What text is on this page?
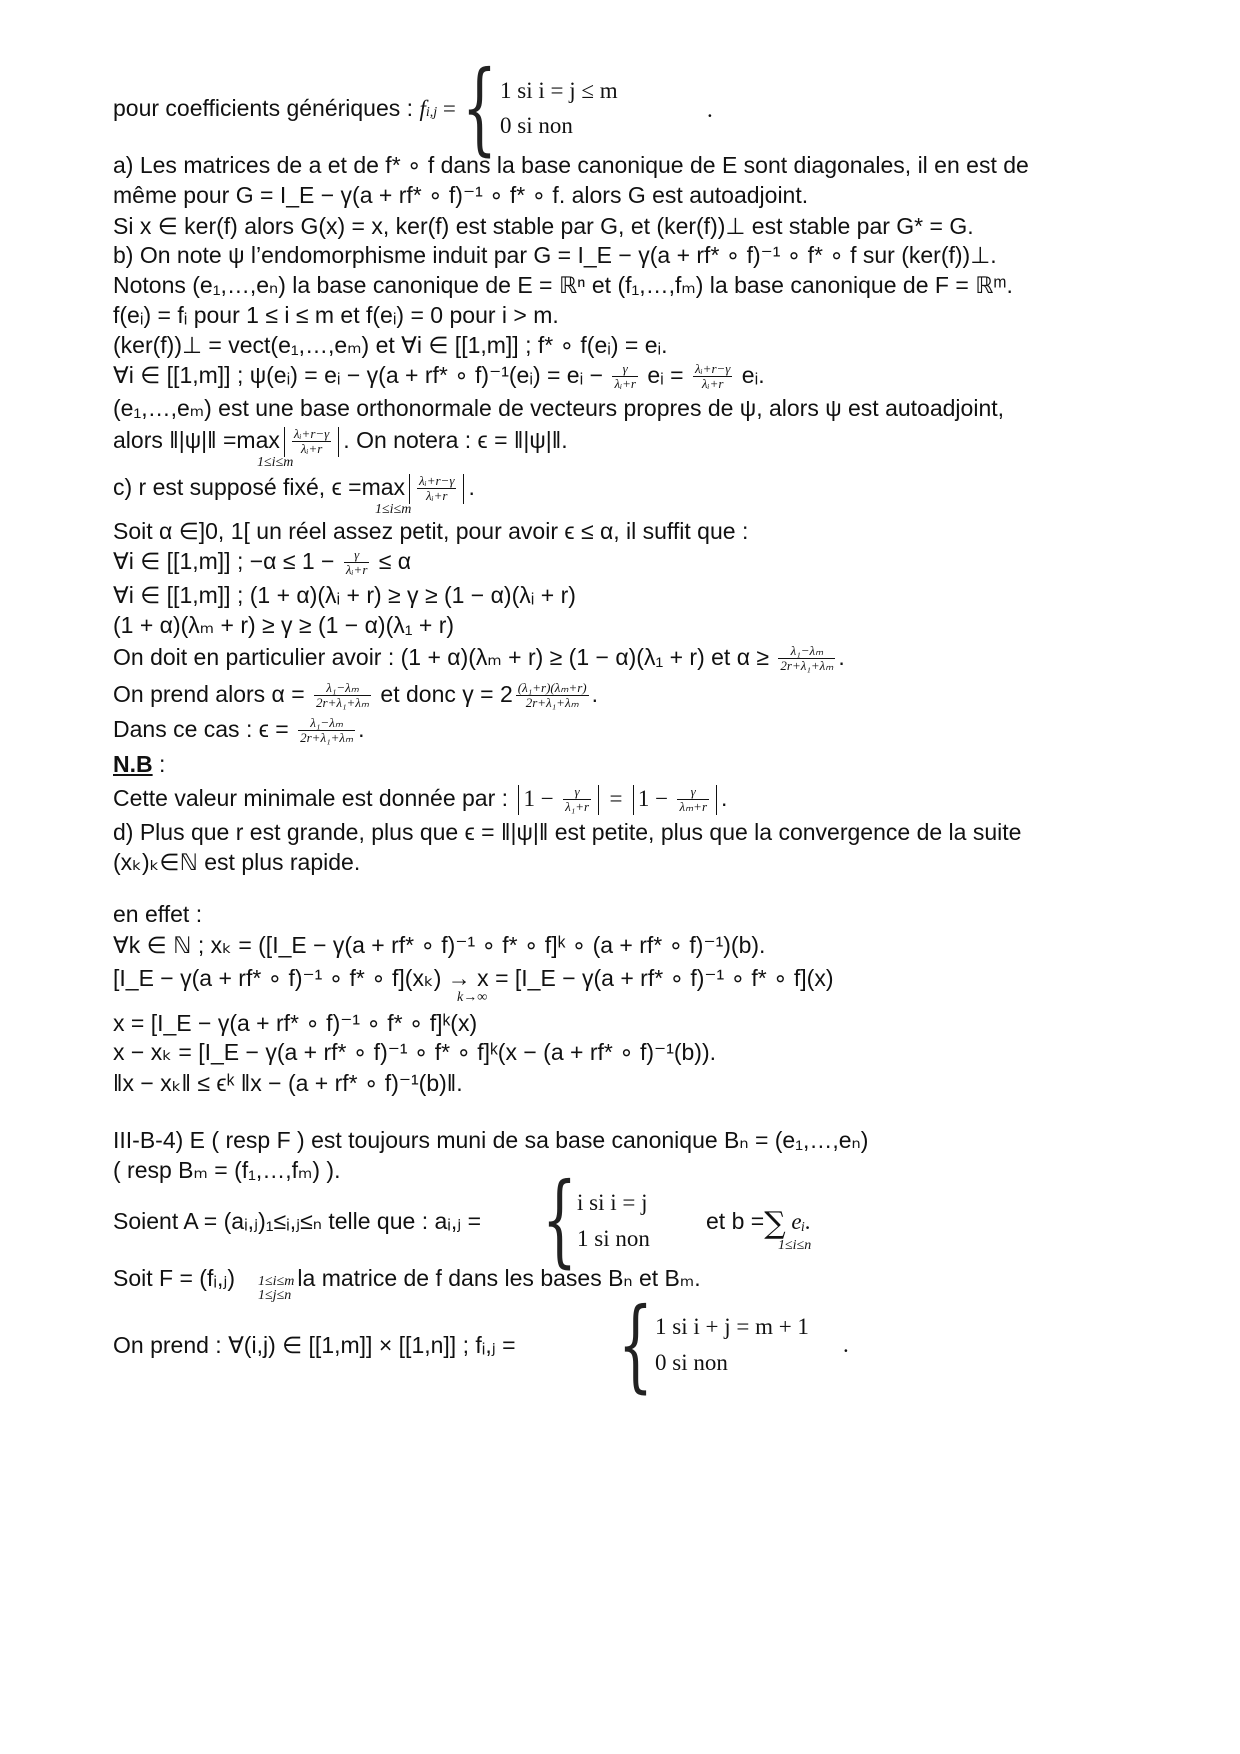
pour coefficients génériques : fi,j = { 1 si i = j ≤ m
0 si non
.
a) Les matrices de a et de f* ∘ f dans la base canonique de E sont diagonales, il en est de
même pour G = I_E − γ(a + rf* ∘ f)⁻¹ ∘ f* ∘ f. alors G est autoadjoint.
Si x ∈ ker(f) alors G(x) = x, ker(f) est stable par G, et (ker(f))⊥ est stable par G* = G.
b) On note ψ l’endomorphisme induit par G = I_E − γ(a + rf* ∘ f)⁻¹ ∘ f* ∘ f sur (ker(f))⊥.
Notons (e₁,…,eₙ) la base canonique de E = ℝⁿ et (f₁,…,fₘ) la base canonique de F = ℝᵐ.
f(eᵢ) = fᵢ pour 1 ≤ i ≤ m et f(eᵢ) = 0 pour i > m.
(ker(f))⊥ = vect(e₁,…,eₘ) et ∀i ∈ [[1,m]] ; f* ∘ f(eᵢ) = eᵢ.
∀i ∈ [[1,m]] ; ψ(eᵢ) = eᵢ − γ(a + rf* ∘ f)⁻¹(eᵢ) = eᵢ − $\frac{\gamma}{\text{λᵢ+r}}$ eᵢ = $\frac{\text{λᵢ+r−γ}}{\text{λᵢ+r}}$ eᵢ.
(e₁,…,eₘ) est une base orthonormale de vecteurs propres de ψ, alors ψ est autoadjoint,
alors ‖|ψ|‖ $=\max \frac{\text{λᵢ+r−γ}}{\text{λᵢ+r}}$ . On notera : ϵ = ‖|ψ|‖.
1≤i≤m
c) r est supposé fixé, $\epsilon =\max \frac{\text{λᵢ+r−γ}}{\text{λᵢ+r}}$ .
1≤i≤m
Soit α ∈]0, 1[ un réel assez petit, pour avoir ϵ ≤ α, il suffit que :
∀i ∈ [[1,m]] ; $-\alpha \le 1 - \frac{\gamma}{\text{λᵢ+r}} \le \alpha$
∀i ∈ [[1,m]] ; (1 + α)(λᵢ + r) ≥ γ ≥ (1 − α)(λᵢ + r)
(1 + α)(λₘ + r) ≥ γ ≥ (1 − α)(λ₁ + r)
On doit en particulier avoir : (1 + α)(λₘ + r) ≥ (1 − α)(λ₁ + r) et $\alpha \ge \frac{\text{λ₁−λₘ}}{\text{2r+λ₁+λₘ}}$ .
On prend alors $\alpha = \frac{\text{λ₁−λₘ}}{\text{2r+λ₁+λₘ}}$ et donc $\gamma = 2 \frac{\text{(λ₁+r)(λₘ+r)}}{\text{2r+λ₁+λₘ}}$ .
Dans ce cas : $\epsilon = \frac{\text{λ₁−λₘ}}{\text{2r+λ₁+λₘ}}$ .
N.B :
Cette valeur minimale est donnée par : $1 - \frac{\gamma}{\text{λ₁+r}} = 1 - \frac{\gamma}{\text{λₘ+r}}$ .
d) Plus que r est grande, plus que ϵ = ‖|ψ|‖ est petite, plus que la convergence de la suite
(xₖ)ₖ∈ℕ est plus rapide.
en effet :
∀k ∈ ℕ ; xₖ = ([I_E − γ(a + rf* ∘ f)⁻¹ ∘ f* ∘ f]ᵏ ∘ (a + rf* ∘ f)⁻¹)(b).
[I_E − γ(a + rf* ∘ f)⁻¹ ∘ f* ∘ f](xₖ) → x = [I_E − γ(a + rf* ∘ f)⁻¹ ∘ f* ∘ f](x)
k→∞
x = [I_E − γ(a + rf* ∘ f)⁻¹ ∘ f* ∘ f]ᵏ(x)
x − xₖ = [I_E − γ(a + rf* ∘ f)⁻¹ ∘ f* ∘ f]ᵏ(x − (a + rf* ∘ f)⁻¹(b)).
‖x − xₖ‖ ≤ ϵᵏ ‖x − (a + rf* ∘ f)⁻¹(b)‖.
III-B-4) E ( resp F ) est toujours muni de sa base canonique Bₙ = (e₁,…,eₙ)
( resp Bₘ = (f₁,…,fₘ) ).
Soient A = (aᵢ,ⱼ)₁≤ᵢ,ⱼ≤ₙ telle que : aᵢ,ⱼ = { i si i = j
1 si non
et b =∑ eᵢ.
1≤i≤n
Soit F = (fᵢ,ⱼ) la matrice de f dans les bases Bₙ et Bₘ.
1≤i≤m
1≤j≤n
On prend : ∀(i,j) ∈ [[1,m]] × [[1,n]] ; fᵢ,ⱼ = { 1 si i + j = m + 1
0 si non
.
